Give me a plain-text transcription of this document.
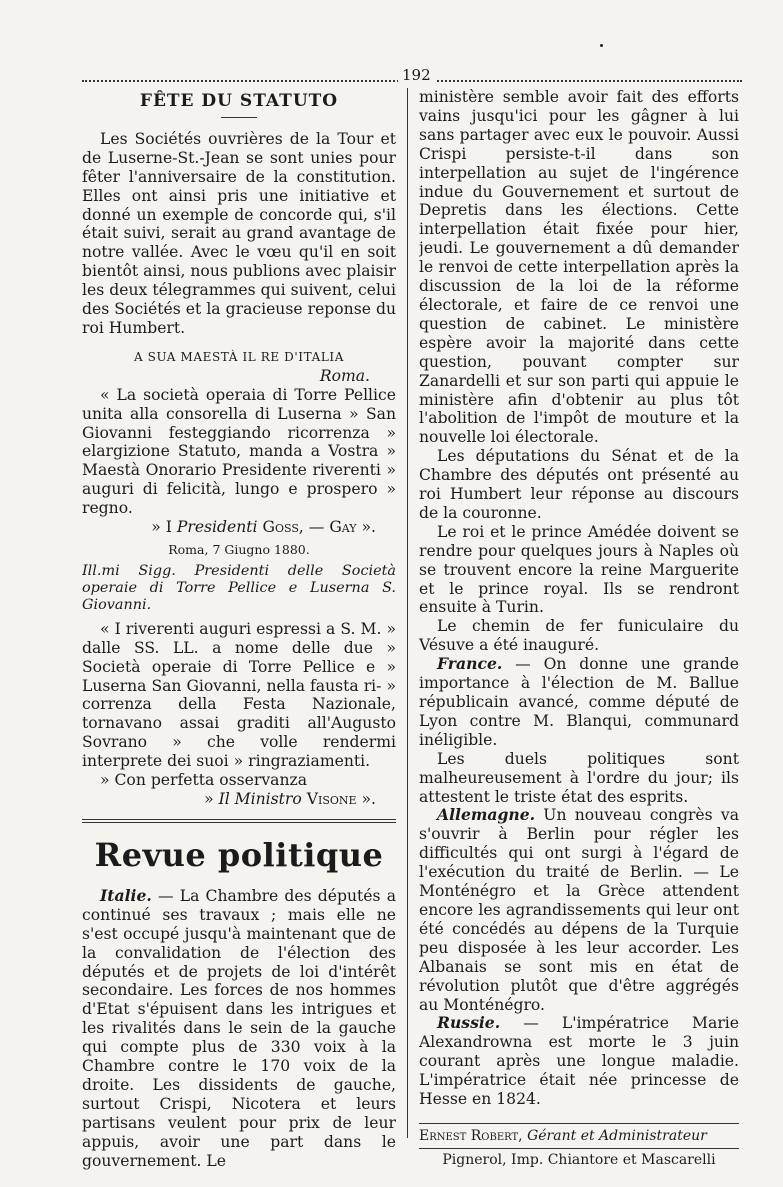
192
FÊTE DU STATUTO

Les Sociétés ouvrières de la Tour et de Luserne-St.-Jean se sont unies pour fêter l'anniversaire de la constitution. Elles ont ainsi pris une initiative et donné un exemple de concorde qui, s'il était suivi, serait au grand avantage de notre vallée. Avec le vœu qu'il en soit bientôt ainsi, nous publions avec plaisir les deux télegrammes qui suivent, celui des Sociétés et la gracieuse reponse du roi Humbert.

A SUA MAESTÀ IL RE D'ITALIA
Roma.

« La società operaia di Torre Pellice unita alla consorella di Luserna » San Giovanni festeggiando ricorrenza » elargizione Statuto, manda a Vostra » Maestà Onorario Presidente riverenti » auguri di felicità, lungo e prospero » regno.

» I Presidenti Goss, — Gay ».

Roma, 7 Giugno 1880.

Ill.mi Sigg. Presidenti delle Società operaie di Torre Pellice e Luserna S. Giovanni.

« I riverenti auguri espressi a S. M. » dalle SS. LL. a nome delle due » Società operaie di Torre Pellice e » Luserna San Giovanni, nella fausta ri- » correnza della Festa Nazionale, tornavano assai graditi all'Augusto Sovrano » che volle rendermi interprete dei suoi » ringraziamenti.

» Con perfetta osservanza

» Il Ministro Visone ».

Revue politique

Italie. — La Chambre des députés a continué ses travaux ; mais elle ne s'est occupé jusqu'à maintenant que de la convalidation de l'élection des députés et de projets de loi d'intérêt secondaire. Les forces de nos hommes d'Etat s'épuisent dans les intrigues et les rivalités dans le sein de la gauche qui compte plus de 330 voix à la Chambre contre le 170 voix de la droite. Les dissidents de gauche, surtout Crispi, Nicotera et leurs partisans veulent pour prix de leur appuis, avoir une part dans le gouvernement. Le

ministère semble avoir fait des efforts vains jusqu'ici pour les gâgner à lui sans partager avec eux le pouvoir. Aussi Crispi persiste-t-il dans son interpellation au sujet de l'ingérence indue du Gouvernement et surtout de Depretis dans les élections. Cette interpellation était fixée pour hier, jeudi. Le gouvernement a dû demander le renvoi de cette interpellation après la discussion de la loi de la réforme électorale, et faire de ce renvoi une question de cabinet. Le ministère espère avoir la majorité dans cette question, pouvant compter sur Zanardelli et sur son parti qui appuie le ministère afin d'obtenir au plus tôt l'abolition de l'impôt de mouture et la nouvelle loi électorale.

Les députations du Sénat et de la Chambre des députés ont présenté au roi Humbert leur réponse au discours de la couronne.

Le roi et le prince Amédée doivent se rendre pour quelques jours à Naples où se trouvent encore la reine Marguerite et le prince royal. Ils se rendront ensuite à Turin.

Le chemin de fer funiculaire du Vésuve a été inauguré.

France. — On donne une grande importance à l'élection de M. Ballue républicain avancé, comme député de Lyon contre M. Blanqui, communard inéligible.

Les duels politiques sont malheureusement à l'ordre du jour; ils attestent le triste état des esprits.

Allemagne. Un nouveau congrès va s'ouvrir à Berlin pour régler les difficultés qui ont surgi à l'égard de l'exécution du traité de Berlin. — Le Monténégro et la Grèce attendent encore les agrandissements qui leur ont été concédés au dépens de la Turquie peu disposée à les leur accorder. Les Albanais se sont mis en état de révolution plutôt que d'être aggrégés au Monténégro.

Russie. — L'impératrice Marie Alexandrowna est morte le 3 juin courant après une longue maladie. L'impératrice était née princesse de Hesse en 1824.

Ernest Robert, Gérant et Administrateur
Pignerol, Imp. Chiantore et Mascarelli
